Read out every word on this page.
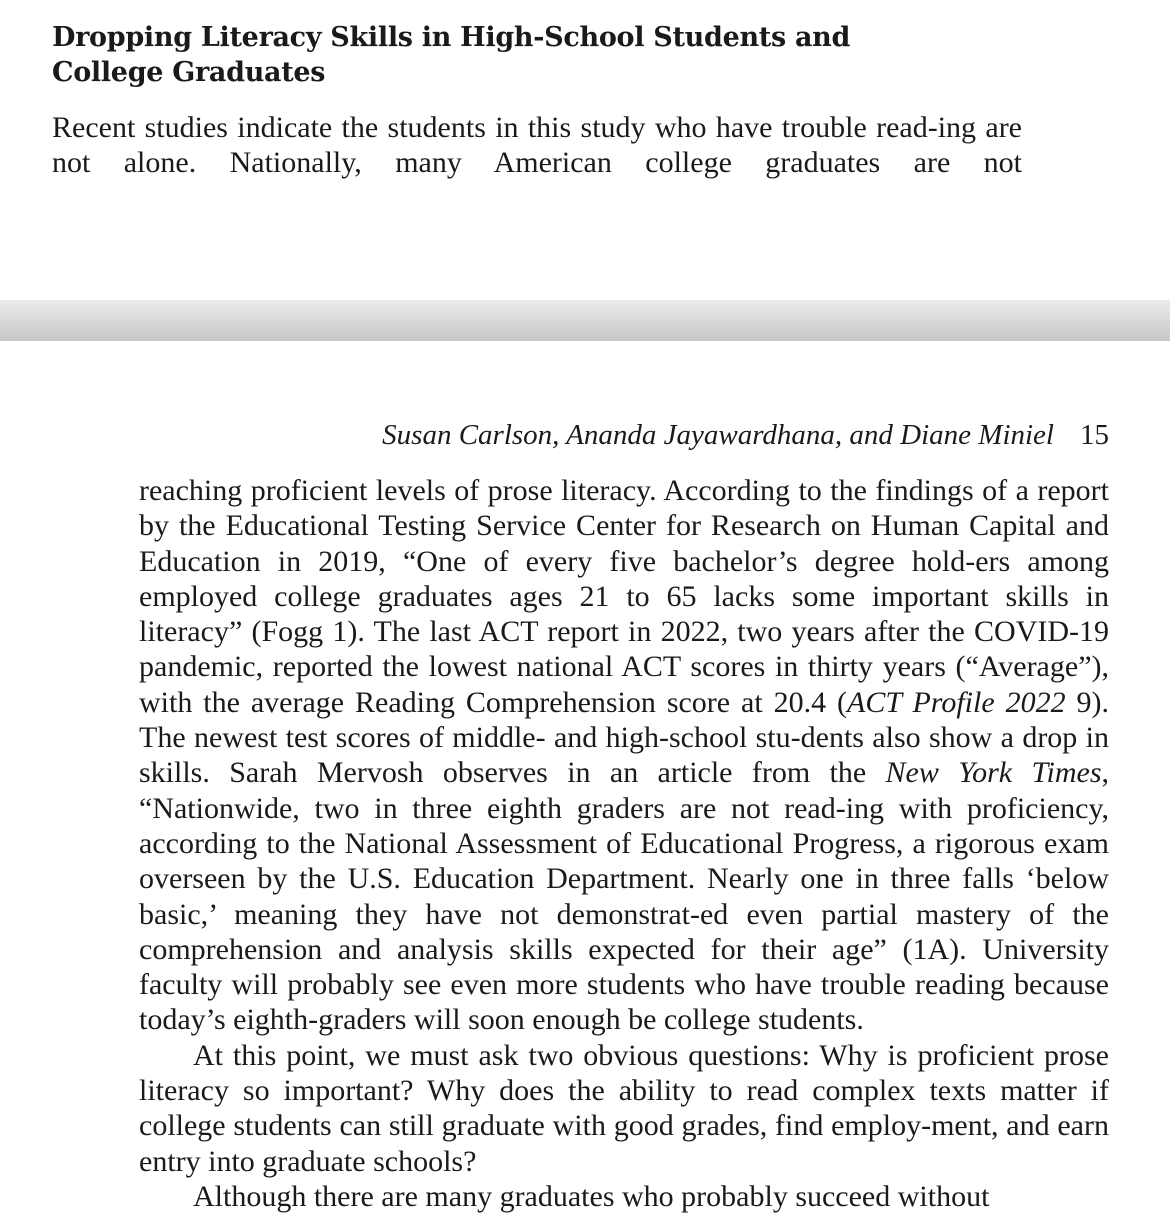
Dropping Literacy Skills in High-School Students and College Graduates

Recent studies indicate the students in this study who have trouble read-ing are not alone. Nationally, many American college graduates are not

Susan Carlson, Ananda Jayawardhana, and Diane Miniel 15

reaching proficient levels of prose literacy. According to the findings of a report by the Educational Testing Service Center for Research on Human Capital and Education in 2019, “One of every five bachelor’s degree hold-ers among employed college graduates ages 21 to 65 lacks some important skills in literacy” (Fogg 1). The last ACT report in 2022, two years after the COVID-19 pandemic, reported the lowest national ACT scores in thirty years (“Average”), with the average Reading Comprehension score at 20.4 (ACT Profile 2022 9). The newest test scores of middle- and high-school stu-dents also show a drop in skills. Sarah Mervosh observes in an article from the New York Times, “Nationwide, two in three eighth graders are not read-ing with proficiency, according to the National Assessment of Educational Progress, a rigorous exam overseen by the U.S. Education Department. Nearly one in three falls ‘below basic,’ meaning they have not demonstrat-ed even partial mastery of the comprehension and analysis skills expected for their age” (1A). University faculty will probably see even more students who have trouble reading because today’s eighth-graders will soon enough be college students.

At this point, we must ask two obvious questions: Why is proficient prose literacy so important? Why does the ability to read complex texts matter if college students can still graduate with good grades, find employ-ment, and earn entry into graduate schools?

Although there are many graduates who probably succeed without
